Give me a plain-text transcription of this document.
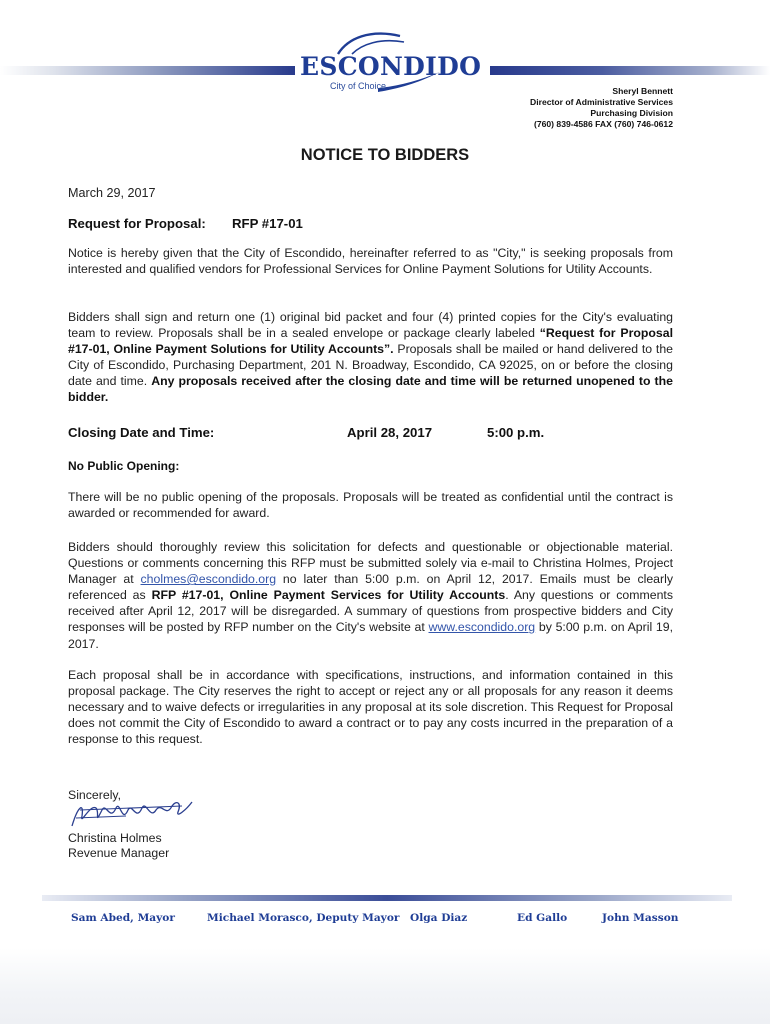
ESCONDIDO
City of Choice	Sheryl Bennett
Director of Administrative Services
Purchasing Division
(760) 839-4586 FAX (760) 746-0612
NOTICE TO BIDDERS
March 29, 2017
Request for Proposal: RFP #17-01
Notice is hereby given that the City of Escondido, hereinafter referred to as "City," is seeking proposals from interested and qualified vendors for Professional Services for Online Payment Solutions for Utility Accounts.
Bidders shall sign and return one (1) original bid packet and four (4) printed copies for the City's evaluating team to review. Proposals shall be in a sealed envelope or package clearly labeled “Request for Proposal #17-01, Online Payment Solutions for Utility Accounts”. Proposals shall be mailed or hand delivered to the City of Escondido, Purchasing Department, 201 N. Broadway, Escondido, CA 92025, on or before the closing date and time. Any proposals received after the closing date and time will be returned unopened to the bidder.
Closing Date and Time:	April 28, 2017	5:00 p.m.
No Public Opening:
There will be no public opening of the proposals. Proposals will be treated as confidential until the contract is awarded or recommended for award.
Bidders should thoroughly review this solicitation for defects and questionable or objectionable material. Questions or comments concerning this RFP must be submitted solely via e-mail to Christina Holmes, Project Manager at cholmes@escondido.org no later than 5:00 p.m. on April 12, 2017. Emails must be clearly referenced as RFP #17-01, Online Payment Services for Utility Accounts. Any questions or comments received after April 12, 2017 will be disregarded. A summary of questions from prospective bidders and City responses will be posted by RFP number on the City's website at www.escondido.org by 5:00 p.m. on April 19, 2017.
Each proposal shall be in accordance with specifications, instructions, and information contained in this proposal package. The City reserves the right to accept or reject any or all proposals for any reason it deems necessary and to waive defects or irregularities in any proposal at its sole discretion. This Request for Proposal does not commit the City of Escondido to award a contract or to pay any costs incurred in the preparation of a response to this request.
Sincerely,
Christina Holmes
Revenue Manager
Sam Abed, Mayor	Michael Morasco, Deputy Mayor Olga Diaz	Ed Gallo	John Masson
